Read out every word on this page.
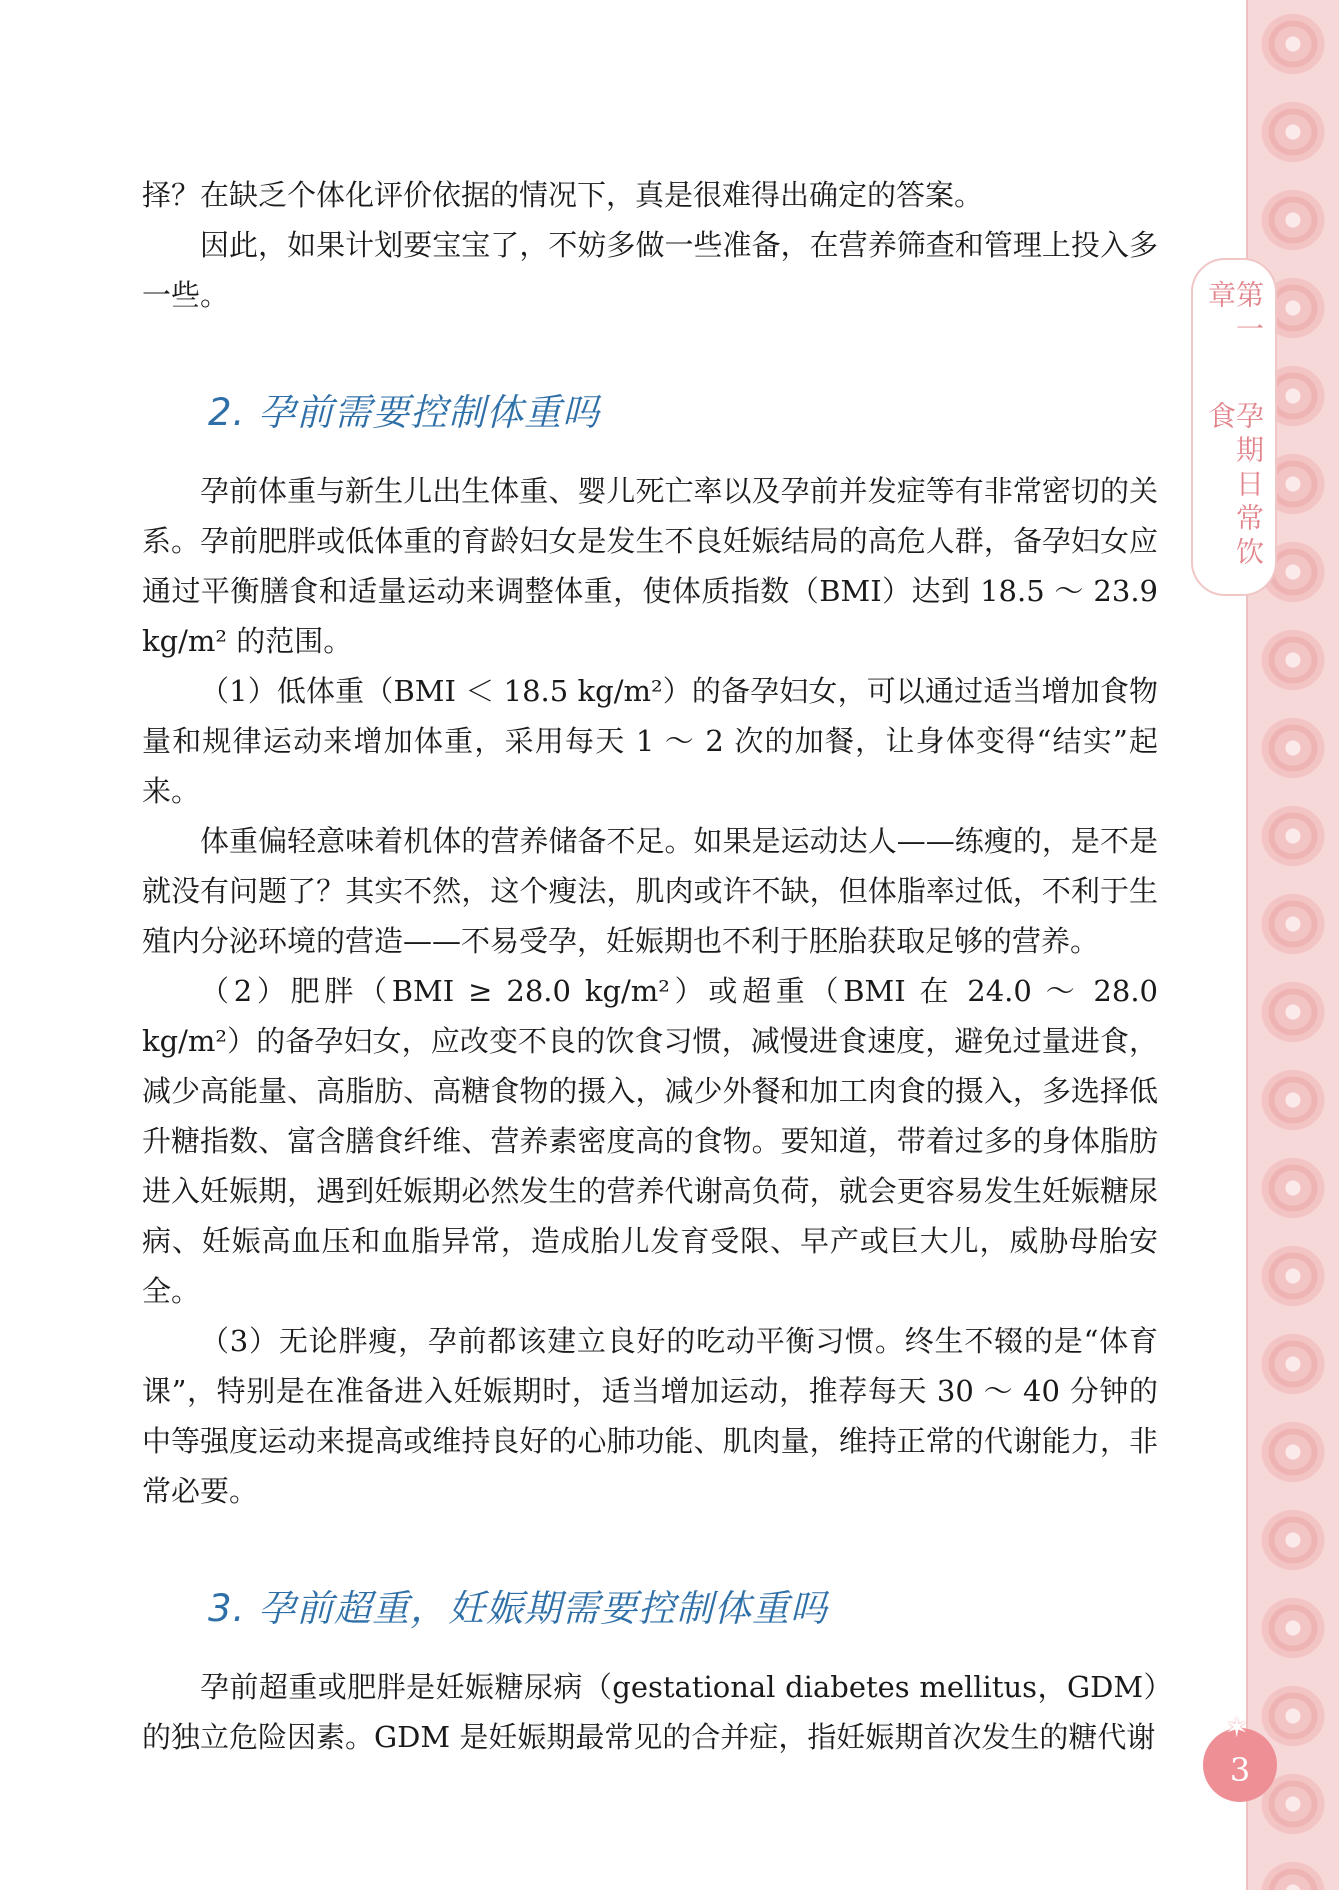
第一章
孕期日常饮食
✶
3

择？在缺乏个体化评价依据的情况下，真是很难得出确定的答案。

因此，如果计划要宝宝了，不妨多做一些准备，在营养筛查和管理上投入多一些。

2. 孕前需要控制体重吗

孕前体重与新生儿出生体重、婴儿死亡率以及孕前并发症等有非常密切的关系。孕前肥胖或低体重的育龄妇女是发生不良妊娠结局的高危人群，备孕妇女应通过平衡膳食和适量运动来调整体重，使体质指数（BMI）达到 18.5 ～ 23.9 kg/m² 的范围。

（1）低体重（BMI ＜ 18.5 kg/m²）的备孕妇女，可以通过适当增加食物量和规律运动来增加体重，采用每天 1 ～ 2 次的加餐，让身体变得“结实”起来。

体重偏轻意味着机体的营养储备不足。如果是运动达人——练瘦的，是不是就没有问题了？其实不然，这个瘦法，肌肉或许不缺，但体脂率过低，不利于生殖内分泌环境的营造——不易受孕，妊娠期也不利于胚胎获取足够的营养。

（2）肥胖（BMI ≥ 28.0 kg/m²）或超重（BMI 在 24.0 ～ 28.0 kg/m²）的备孕妇女，应改变不良的饮食习惯，减慢进食速度，避免过量进食，减少高能量、高脂肪、高糖食物的摄入，减少外餐和加工肉食的摄入，多选择低升糖指数、富含膳食纤维、营养素密度高的食物。要知道，带着过多的身体脂肪进入妊娠期，遇到妊娠期必然发生的营养代谢高负荷，就会更容易发生妊娠糖尿病、妊娠高血压和血脂异常，造成胎儿发育受限、早产或巨大儿，威胁母胎安全。

（3）无论胖瘦，孕前都该建立良好的吃动平衡习惯。终生不辍的是“体育课”，特别是在准备进入妊娠期时，适当增加运动，推荐每天 30 ～ 40 分钟的中等强度运动来提高或维持良好的心肺功能、肌肉量，维持正常的代谢能力，非常必要。

3. 孕前超重，妊娠期需要控制体重吗

孕前超重或肥胖是妊娠糖尿病（gestational diabetes mellitus，GDM）的独立危险因素。GDM 是妊娠期最常见的合并症，指妊娠期首次发生的糖代谢
